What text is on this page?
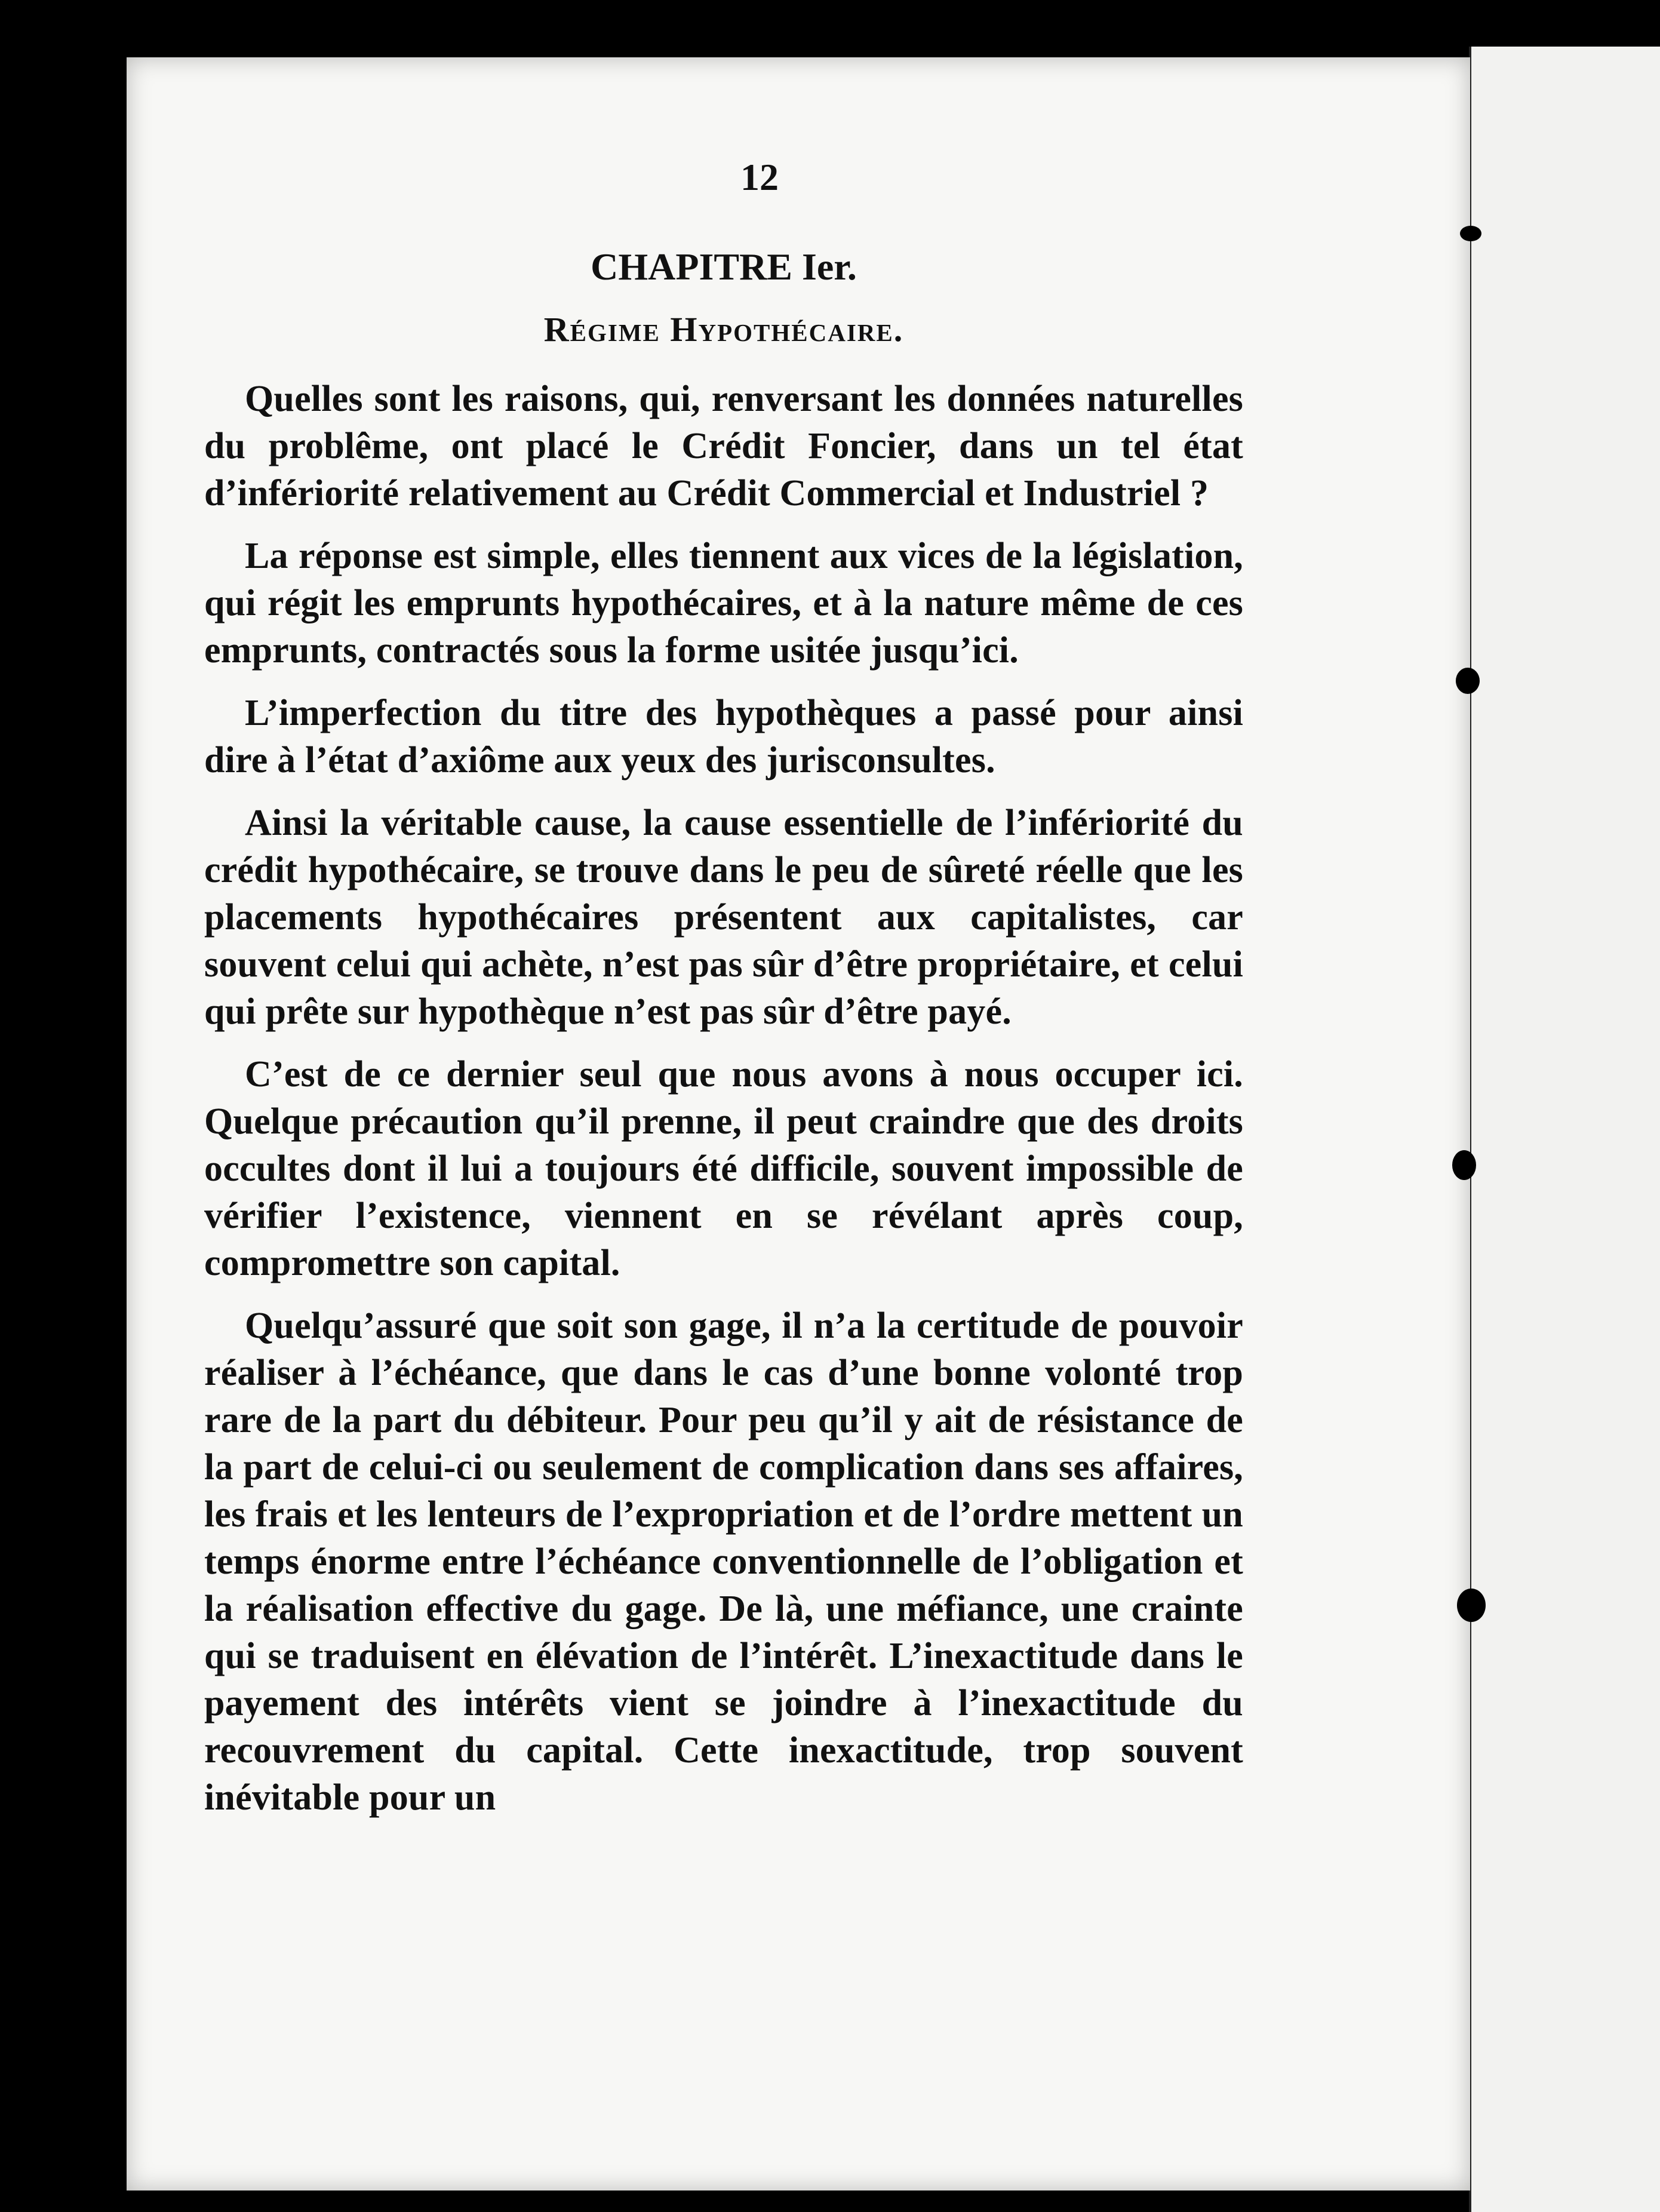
12
CHAPITRE Ier.
Régime Hypothécaire.

Quelles sont les raisons, qui, renversant les données naturelles du problême, ont placé le Crédit Foncier, dans un tel état d’infériorité relativement au Crédit Commercial et Industriel ?

La réponse est simple, elles tiennent aux vices de la législation, qui régit les emprunts hypothécaires, et à la nature même de ces emprunts, contractés sous la forme usitée jusqu’ici.

L’imperfection du titre des hypothèques a passé pour ainsi dire à l’état d’axiôme aux yeux des jurisconsultes.

Ainsi la véritable cause, la cause essentielle de l’infériorité du crédit hypothécaire, se trouve dans le peu de sûreté réelle que les placements hypothécaires présentent aux capitalistes, car souvent celui qui achète, n’est pas sûr d’être propriétaire, et celui qui prête sur hypothèque n’est pas sûr d’être payé.

C’est de ce dernier seul que nous avons à nous occuper ici. Quelque précaution qu’il prenne, il peut craindre que des droits occultes dont il lui a toujours été difficile, souvent impossible de vérifier l’existence, viennent en se révélant après coup, compromettre son capital.

Quelqu’assuré que soit son gage, il n’a la certitude de pouvoir réaliser à l’échéance, que dans le cas d’une bonne volonté trop rare de la part du débiteur. Pour peu qu’il y ait de résistance de la part de celui-ci ou seulement de complication dans ses affaires, les frais et les lenteurs de l’expropriation et de l’ordre mettent un temps énorme entre l’échéance conventionnelle de l’obligation et la réalisation effective du gage. De là, une méfiance, une crainte qui se traduisent en élévation de l’intérêt. L’inexactitude dans le payement des intérêts vient se joindre à l’inexactitude du recouvrement du capital. Cette inexactitude, trop souvent inévitable pour un
